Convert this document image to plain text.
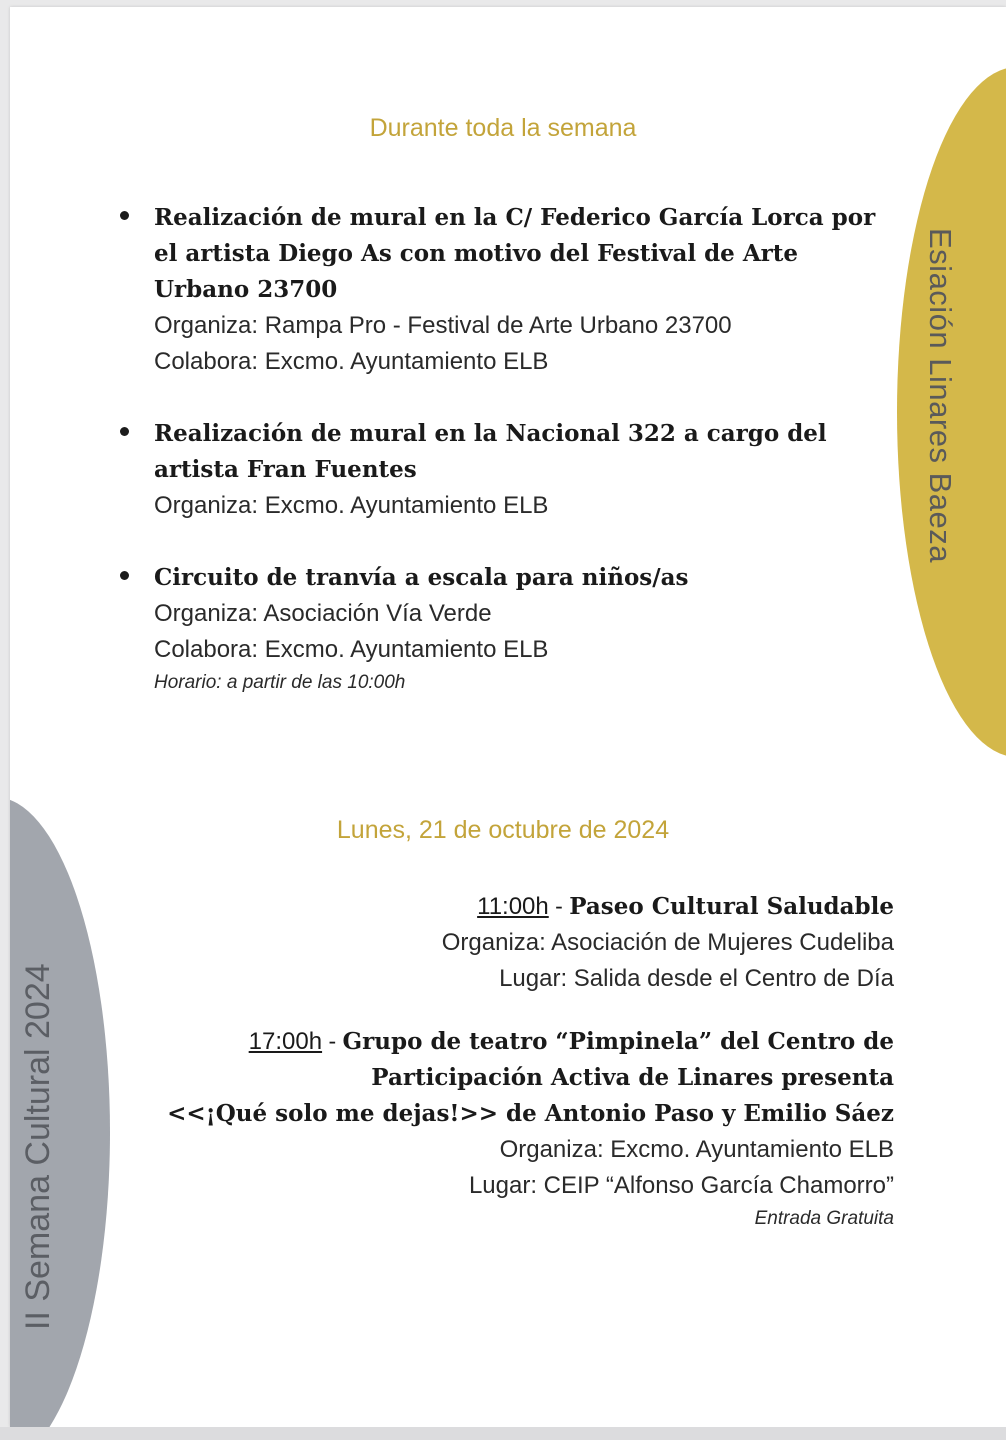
Esiación Linares Baeza
II Semana Cultural 2024
Durante toda la semana
Realización de mural en la C/ Federico García Lorca por
el artista Diego As con motivo del Festival de Arte
Urbano 23700
Organiza: Rampa Pro - Festival de Arte Urbano 23700
Colabora: Excmo. Ayuntamiento ELB
Realización de mural en la Nacional 322 a cargo del
artista Fran Fuentes
Organiza: Excmo. Ayuntamiento ELB
Circuito de tranvía a escala para niños/as
Organiza: Asociación Vía Verde
Colabora: Excmo. Ayuntamiento ELB
Horario: a partir de las 10:00h
Lunes, 21 de octubre de 2024
11:00h - Paseo Cultural Saludable
Organiza: Asociación de Mujeres Cudeliba
Lugar: Salida desde el Centro de Día
17:00h - Grupo de teatro “Pimpinela” del Centro de
Participación Activa de Linares presenta
<<¡Qué solo me dejas!>> de Antonio Paso y Emilio Sáez
Organiza: Excmo. Ayuntamiento ELB
Lugar: CEIP “Alfonso García Chamorro”
Entrada Gratuita
